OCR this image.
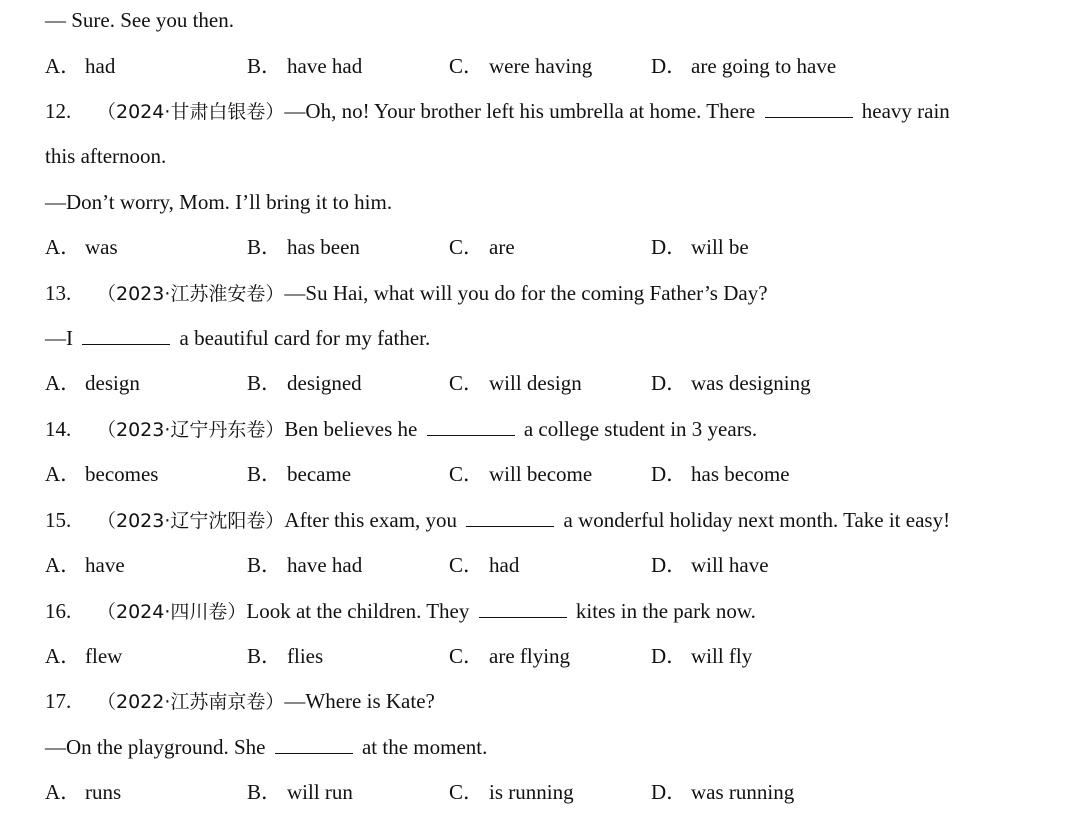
— Sure. See you then.
A． had	B． have had	C． were having	D． are going to have
12.	（2024·甘肃白银卷）—Oh, no! Your brother left his umbrella at home. There	heavy rain
this afternoon.
—Don’t worry, Mom. I’ll bring it to him.
A． was	B． has been	C． are	D． will be
13.	（2023·江苏淮安卷）—Su Hai, what will you do for the coming Father’s Day?
—I	a beautiful card for my father.
A． design	B． designed	C． will design	D． was designing
14.	（2023·辽宁丹东卷）Ben believes he	a college student in 3 years.
A． becomes	B． became	C． will become	D． has become
15.	（2023·辽宁沈阳卷）After this exam, you	a wonderful holiday next month. Take it easy!
A． have	B． have had	C． had	D． will have
16.	（2024·四川卷）Look at the children. They	kites in the park now.
A． flew	B． flies	C． are flying	D． will fly
17.	（2022·江苏南京卷）—Where is Kate?
—On the playground. She	at the moment.
A． runs	B． will run	C． is running	D． was running
